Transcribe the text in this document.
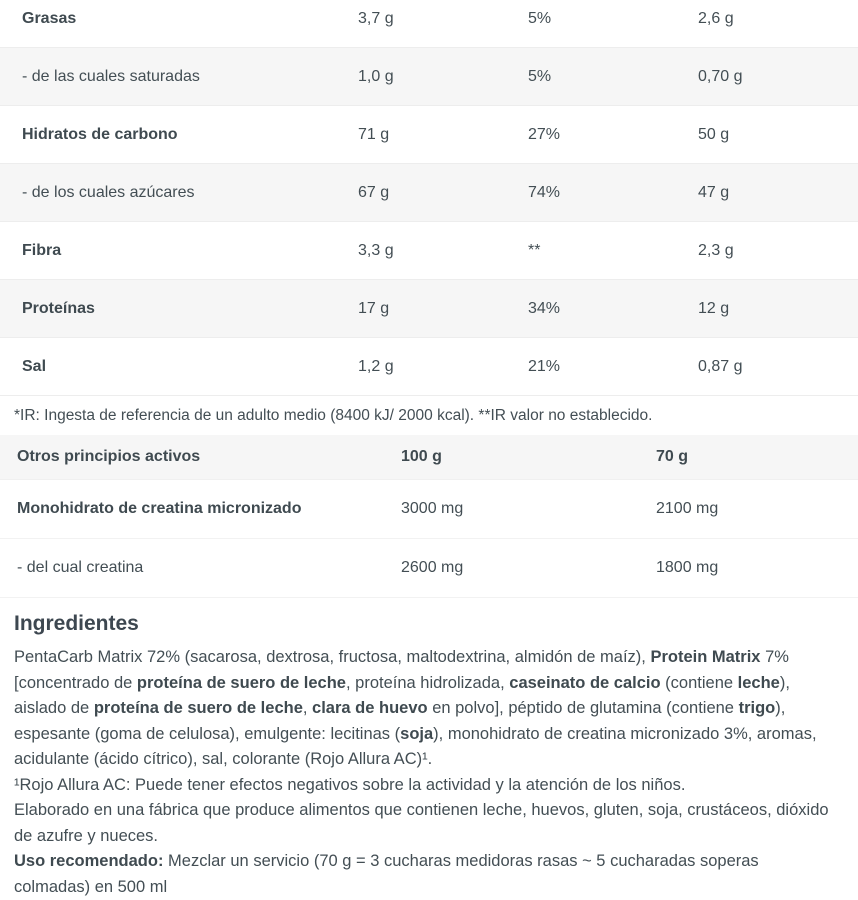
Grasas	3,7 g	5%	2,6 g
- de las cuales saturadas	1,0 g	5%	0,70 g
Hidratos de carbono	71 g	27%	50 g
- de los cuales azúcares	67 g	74%	47 g
Fibra	3,3 g	**	2,3 g
Proteínas	17 g	34%	12 g
Sal	1,2 g	21%	0,87 g
*IR: Ingesta de referencia de un adulto medio (8400 kJ/ 2000 kcal). **IR valor no establecido.
Otros principios activos	100 g	70 g
Monohidrato de creatina micronizado	3000 mg	2100 mg
- del cual creatina	2600 mg	1800 mg
Ingredientes

PentaCarb Matrix 72% (sacarosa, dextrosa, fructosa, maltodextrina, almidón de maíz), Protein Matrix 7% [concentrado de proteína de suero de leche, proteína hidrolizada, caseinato de calcio (contiene leche), aislado de proteína de suero de leche, clara de huevo en polvo], péptido de glutamina (contiene trigo), espesante (goma de celulosa), emulgente: lecitinas (soja), monohidrato de creatina micronizado 3%, aromas, acidulante (ácido cítrico), sal, colorante (Rojo Allura AC)¹.

¹Rojo Allura AC: Puede tener efectos negativos sobre la actividad y la atención de los niños.

Elaborado en una fábrica que produce alimentos que contienen leche, huevos, gluten, soja, crustáceos, dióxido de azufre y nueces.

Uso recomendado: Mezclar un servicio (70 g = 3 cucharas medidoras rasas ~ 5 cucharadas soperas colmadas) en 500 ml
